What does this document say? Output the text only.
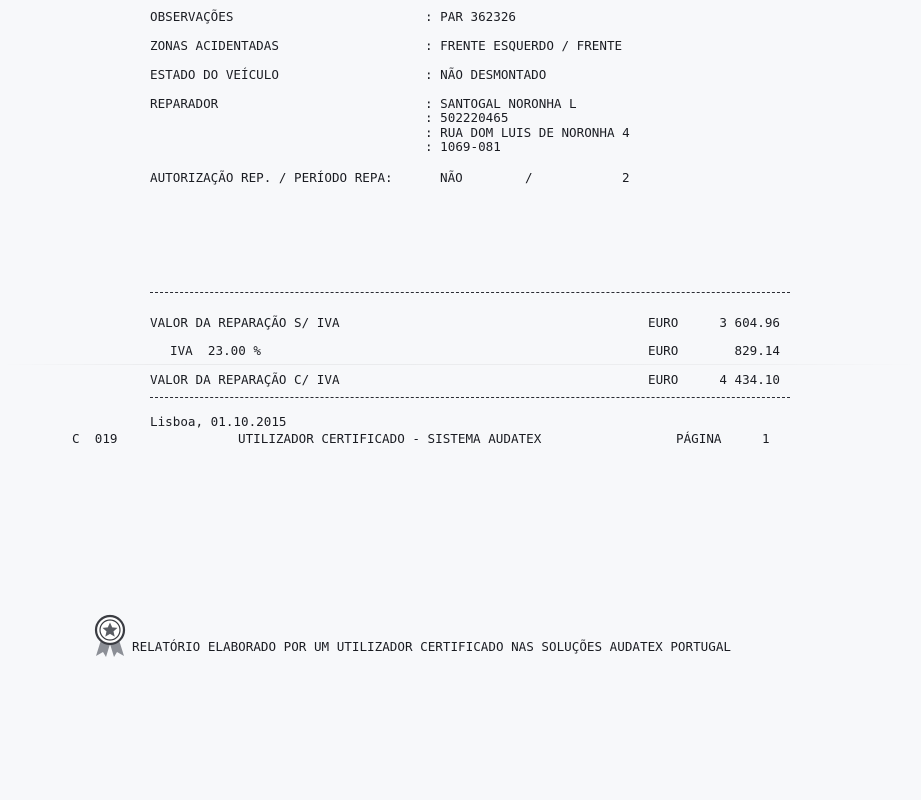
OBSERVAÇÕES	: PAR 362326
ZONAS ACIDENTADAS	: FRENTE ESQUERDO / FRENTE
ESTADO DO VEÍCULO	: NÃO DESMONTADO
REPARADOR	: SANTOGAL NORONHA L
: 502220465
: RUA DOM LUIS DE NORONHA 4
: 1069-081
AUTORIZAÇÃO REP. / PERÍODO REPA:	NÃO	/	2
VALOR DA REPARAÇÃO S/ IVA	EURO	3 604.96
IVA  23.00 %	EURO	829.14
VALOR DA REPARAÇÃO C/ IVA	EURO	4 434.10
Lisboa, 01.10.2015
C  019	UTILIZADOR CERTIFICADO - SISTEMA AUDATEX	PÁGINA	1
RELATÓRIO ELABORADO POR UM UTILIZADOR CERTIFICADO NAS SOLUÇÕES AUDATEX PORTUGAL
